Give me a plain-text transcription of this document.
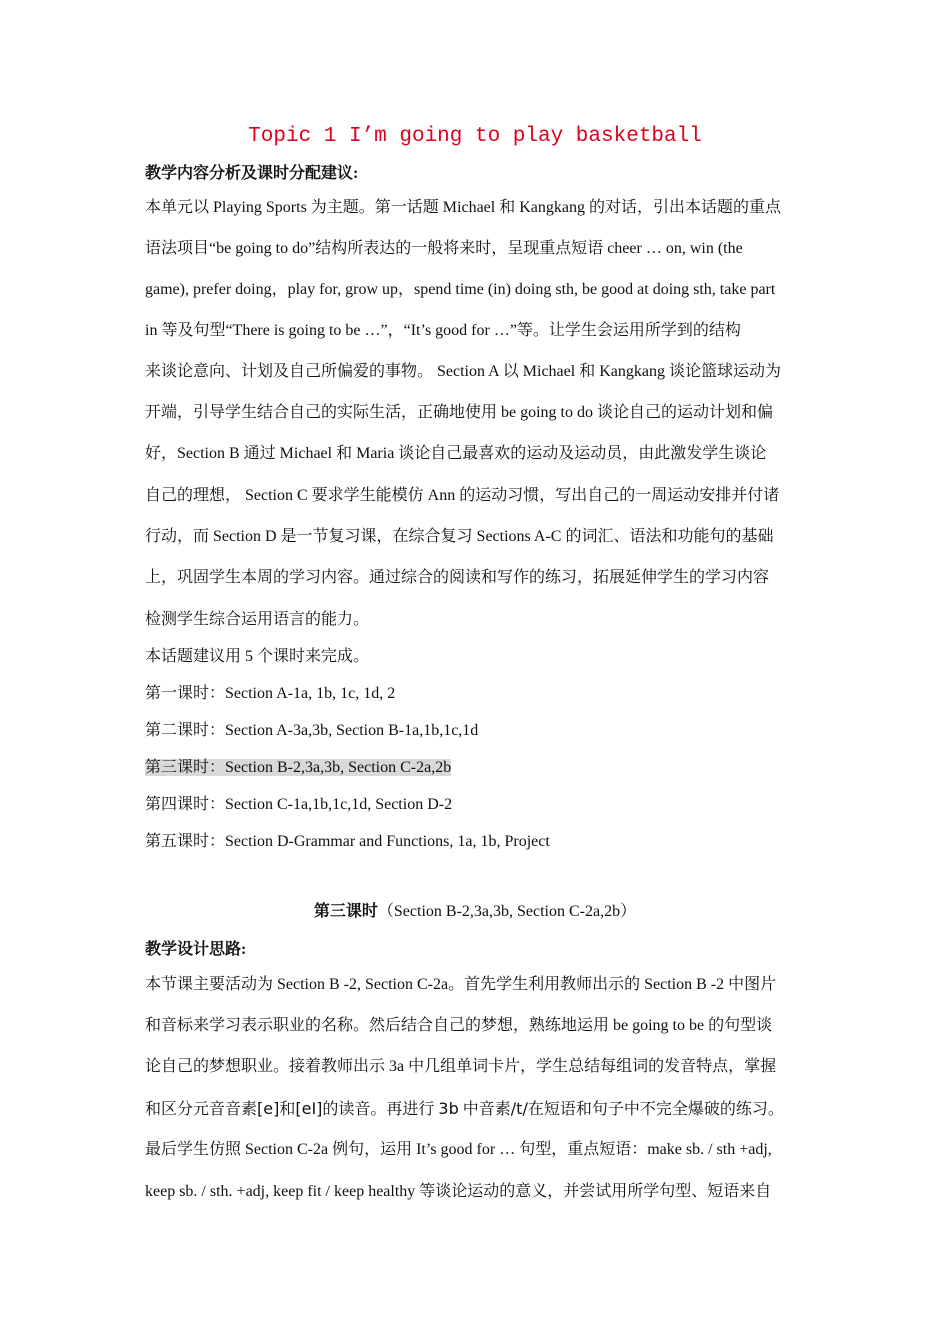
Topic 1 I’m going to play basketball
教学内容分析及课时分配建议:
本单元以 Playing Sports 为主题。第一话题 Michael 和 Kangkang 的对话，引出本话题的重点
语法项目“be going to do”结构所表达的一般将来时，呈现重点短语 cheer … on, win (the
game), prefer doing，play for, grow up，spend time (in) doing sth, be good at doing sth, take part
in 等及句型“There is going to be …”，“It’s good for …”等。让学生会运用所学到的结构
来谈论意向、计划及自己所偏爱的事物。 Section A 以 Michael 和 Kangkang 谈论篮球运动为
开端，引导学生结合自己的实际生活，正确地使用 be going to do 谈论自己的运动计划和偏
好，Section B 通过 Michael 和 Maria 谈论自己最喜欢的运动及运动员，由此激发学生谈论
自己的理想， Section C 要求学生能模仿 Ann 的运动习惯，写出自己的一周运动安排并付诸
行动，而 Section D 是一节复习课，在综合复习 Sections A-C 的词汇、语法和功能句的基础
上，巩固学生本周的学习内容。通过综合的阅读和写作的练习，拓展延伸学生的学习内容
检测学生综合运用语言的能力。
本话题建议用 5 个课时来完成。
第一课时：Section A-1a, 1b, 1c, 1d, 2
第二课时：Section A-3a,3b, Section B-1a,1b,1c,1d
第三课时：Section B-2,3a,3b, Section C-2a,2b
第四课时：Section C-1a,1b,1c,1d, Section D-2
第五课时：Section D-Grammar and Functions, 1a, 1b, Project
第三课时（Section B-2,3a,3b, Section C-2a,2b）
教学设计思路:
本节课主要活动为 Section B -2, Section C-2a。首先学生利用教师出示的 Section B -2 中图片
和音标来学习表示职业的名称。然后结合自己的梦想，熟练地运用 be going to be 的句型谈
论自己的梦想职业。接着教师出示 3a 中几组单词卡片，学生总结每组词的发音特点，掌握
和区分元音音素[e]和[eI]的读音。再进行 3b 中音素/t/在短语和句子中不完全爆破的练习。
最后学生仿照 Section C-2a 例句，运用 It’s good for … 句型，重点短语：make sb. / sth +adj,
keep sb. / sth. +adj, keep fit / keep healthy 等谈论运动的意义，并尝试用所学句型、短语来自
